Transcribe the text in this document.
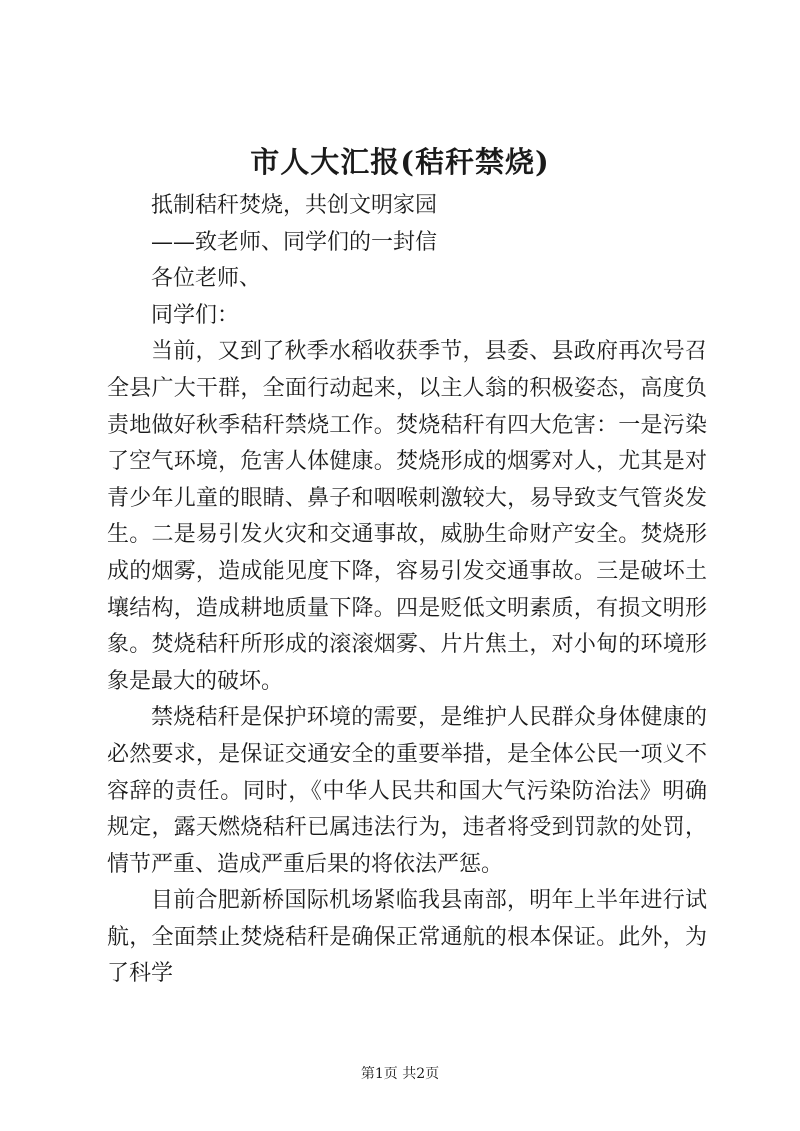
市人大汇报(秸秆禁烧)

抵制秸秆焚烧，共创文明家园

——致老师、同学们的一封信

各位老师、

同学们：

当前，又到了秋季水稻收获季节，县委、县政府再次号召全县广大干群，全面行动起来，以主人翁的积极姿态，高度负责地做好秋季秸秆禁烧工作。焚烧秸秆有四大危害：一是污染了空气环境，危害人体健康。焚烧形成的烟雾对人，尤其是对青少年儿童的眼睛、鼻子和咽喉刺激较大，易导致支气管炎发生。二是易引发火灾和交通事故，威胁生命财产安全。焚烧形成的烟雾，造成能见度下降，容易引发交通事故。三是破坏土壤结构，造成耕地质量下降。四是贬低文明素质，有损文明形象。焚烧秸秆所形成的滚滚烟雾、片片焦土，对小甸的环境形象是最大的破坏。

禁烧秸秆是保护环境的需要，是维护人民群众身体健康的必然要求，是保证交通安全的重要举措，是全体公民一项义不容辞的责任。同时，《中华人民共和国大气污染防治法》明确规定，露天燃烧秸秆已属违法行为，违者将受到罚款的处罚，情节严重、造成严重后果的将依法严惩。

目前合肥新桥国际机场紧临我县南部，明年上半年进行试航，全面禁止焚烧秸秆是确保正常通航的根本保证。此外，为了科学

第1页 共2页
